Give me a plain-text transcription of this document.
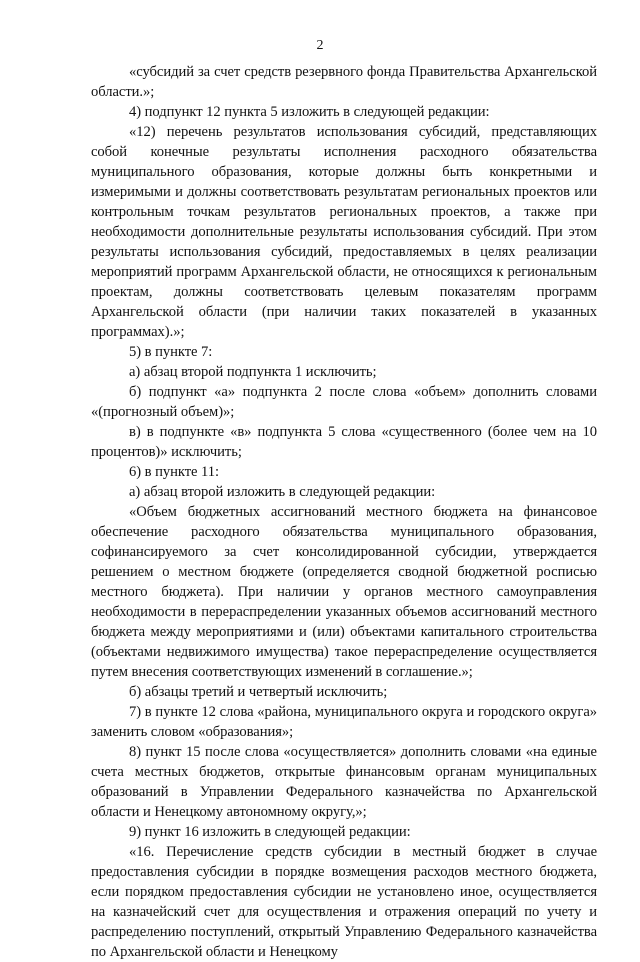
2

«субсидий за счет средств резервного фонда Правительства Архангельской области.»;

4) подпункт 12 пункта 5 изложить в следующей редакции:

«12) перечень результатов использования субсидий, представляющих собой конечные результаты исполнения расходного обязательства муниципального образования, которые должны быть конкретными и измеримыми и должны соответствовать результатам региональных проектов или контрольным точкам результатов региональных проектов, а также при необходимости дополнительные результаты использования субсидий. При этом результаты использования субсидий, предоставляемых в целях реализации мероприятий программ Архангельской области, не относящихся к региональным проектам, должны соответствовать целевым показателям программ Архангельской области (при наличии таких показателей в указанных программах).»;

5) в пункте 7:

а) абзац второй подпункта 1 исключить;

б) подпункт «а» подпункта 2 после слова «объем» дополнить словами «(прогнозный объем)»;

в) в подпункте «в» подпункта 5 слова «существенного (более чем на 10 процентов)» исключить;

6) в пункте 11:

а) абзац второй изложить в следующей редакции:

«Объем бюджетных ассигнований местного бюджета на финансовое обеспечение расходного обязательства муниципального образования, софинансируемого за счет консолидированной субсидии, утверждается решением о местном бюджете (определяется сводной бюджетной росписью местного бюджета). При наличии у органов местного самоуправления необходимости в перераспределении указанных объемов ассигнований местного бюджета между мероприятиями и (или) объектами капитального строительства (объектами недвижимого имущества) такое перераспределение осуществляется путем внесения соответствующих изменений в соглашение.»;

б) абзацы третий и четвертый исключить;

7) в пункте 12 слова «района, муниципального округа и городского округа» заменить словом «образования»;

8) пункт 15 после слова «осуществляется» дополнить словами «на единые счета местных бюджетов, открытые финансовым органам муниципальных образований в Управлении Федерального казначейства по Архангельской области и Ненецкому автономному округу,»;

9) пункт 16 изложить в следующей редакции:

«16. Перечисление средств субсидии в местный бюджет в случае предоставления субсидии в порядке возмещения расходов местного бюджета, если порядком предоставления субсидии не установлено иное, осуществляется на казначейский счет для осуществления и отражения операций по учету и распределению поступлений, открытый Управлению Федерального казначейства по Архангельской области и Ненецкому
